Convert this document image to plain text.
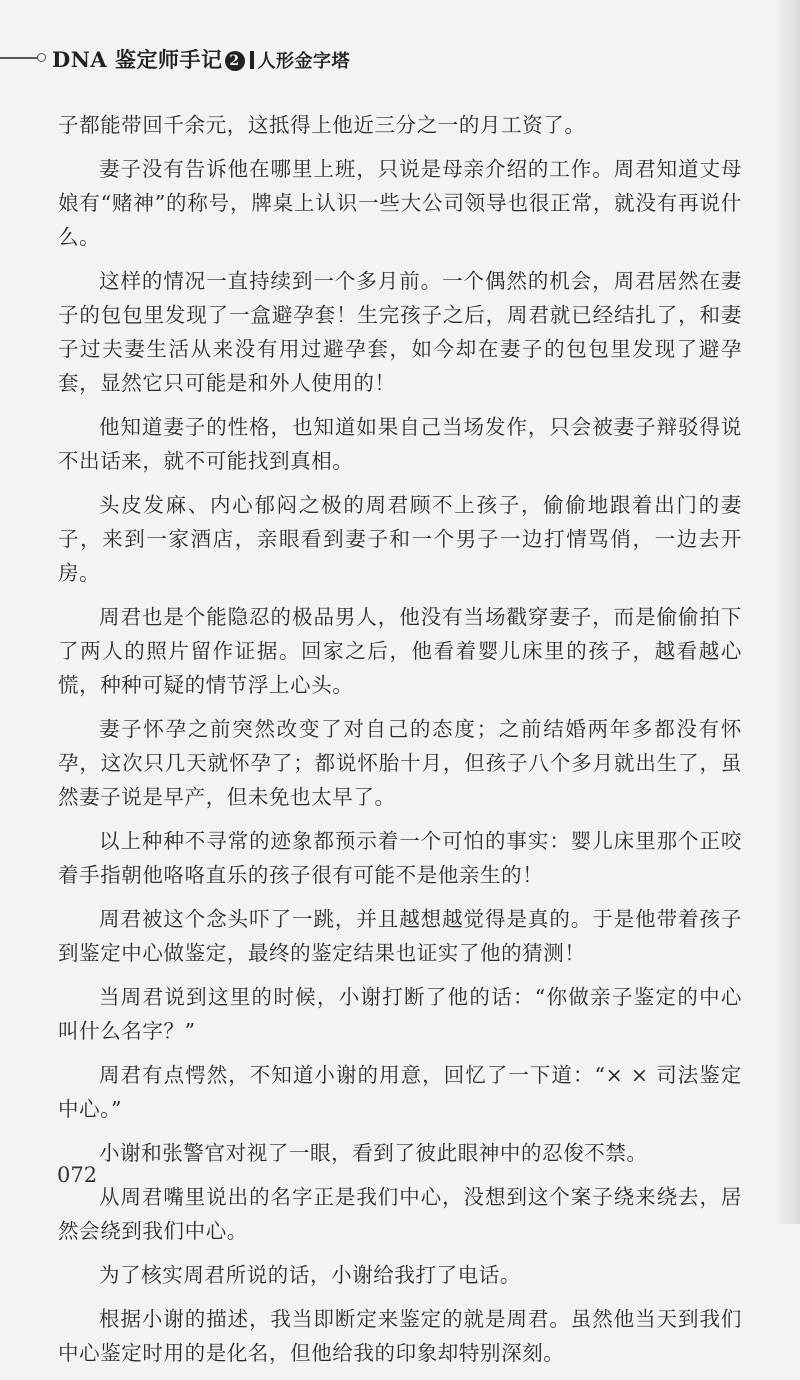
DNA 鉴定师手记 2 人形金字塔

子都能带回千余元，这抵得上他近三分之一的月工资了。

妻子没有告诉他在哪里上班，只说是母亲介绍的工作。周君知道丈母娘有“赌神”的称号，牌桌上认识一些大公司领导也很正常，就没有再说什么。

这样的情况一直持续到一个多月前。一个偶然的机会，周君居然在妻子的包包里发现了一盒避孕套！生完孩子之后，周君就已经结扎了，和妻子过夫妻生活从来没有用过避孕套，如今却在妻子的包包里发现了避孕套，显然它只可能是和外人使用的！

他知道妻子的性格，也知道如果自己当场发作，只会被妻子辩驳得说不出话来，就不可能找到真相。

头皮发麻、内心郁闷之极的周君顾不上孩子，偷偷地跟着出门的妻子，来到一家酒店，亲眼看到妻子和一个男子一边打情骂俏，一边去开房。

周君也是个能隐忍的极品男人，他没有当场戳穿妻子，而是偷偷拍下了两人的照片留作证据。回家之后，他看着婴儿床里的孩子，越看越心慌，种种可疑的情节浮上心头。

妻子怀孕之前突然改变了对自己的态度；之前结婚两年多都没有怀孕，这次只几天就怀孕了；都说怀胎十月，但孩子八个多月就出生了，虽然妻子说是早产，但未免也太早了。

以上种种不寻常的迹象都预示着一个可怕的事实：婴儿床里那个正咬着手指朝他咯咯直乐的孩子很有可能不是他亲生的！

周君被这个念头吓了一跳，并且越想越觉得是真的。于是他带着孩子到鉴定中心做鉴定，最终的鉴定结果也证实了他的猜测！

当周君说到这里的时候，小谢打断了他的话：“你做亲子鉴定的中心叫什么名字？”

周君有点愕然，不知道小谢的用意，回忆了一下道：“× × 司法鉴定中心。”

小谢和张警官对视了一眼，看到了彼此眼神中的忍俊不禁。

从周君嘴里说出的名字正是我们中心，没想到这个案子绕来绕去，居然会绕到我们中心。

为了核实周君所说的话，小谢给我打了电话。

根据小谢的描述，我当即断定来鉴定的就是周君。虽然他当天到我们中心鉴定时用的是化名，但他给我的印象却特别深刻。

072
